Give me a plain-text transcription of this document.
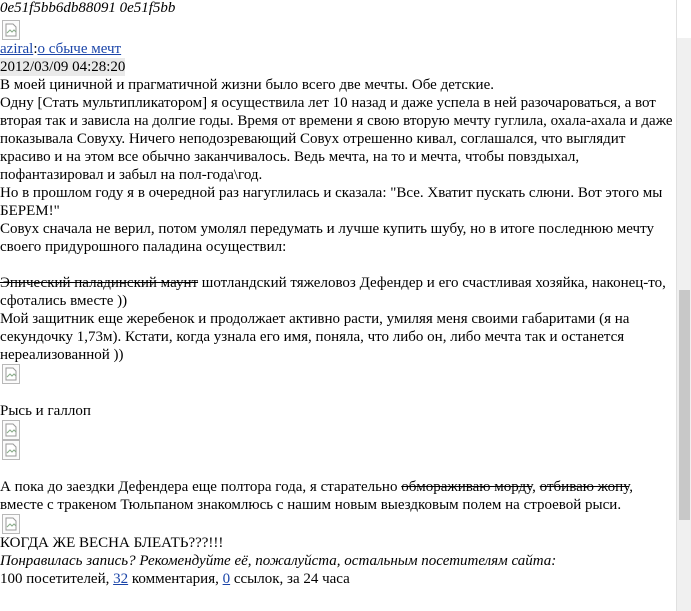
0e51f5bb6db88091 0e51f5bb
aziral:о сбыче мечт
2012/03/09 04:28:20
В моей циничной и прагматичной жизни было всего две мечты. Обе детские.
Одну [Стать мультипликатором] я осуществила лет 10 назад и даже успела в ней разочароваться, а вот вторая так и зависла на долгие годы. Время от времени я свою вторую мечту гуглила, охала-ахала и даже показывала Совуху. Ничего неподозревающий Совух отрешенно кивал, соглашался, что выглядит красиво и на этом все обычно заканчивалось. Ведь мечта, на то и мечта, чтобы повздыхал, пофантазировал и забыл на пол-года\год.
Но в прошлом году я в очередной раз нагуглилась и сказала: "Все. Хватит пускать слюни. Вот этого мы БЕРЕМ!"
Совух сначала не верил, потом умолял передумать и лучше купить шубу, но в итоге последнюю мечту своего придурошного паладина осуществил:
Эпический паладинский маунт шотландский тяжеловоз Дефендер и его счастливая хозяйка, наконец-то, сфотались вместе ))
Мой защитник еще жеребенок и продолжает активно расти, умиляя меня своими габаритами (я на секундочку 1,73м). Кстати, когда узнала его имя, поняла, что либо он, либо мечта так и останется нереализованной ))
Рысь и галлоп
А пока до заездки Дефендера еще полтора года, я старательно обмораживаю морду, отбиваю жопу, вместе с тракеном Тюльпаном знакомлюсь с нашим новым выездковым полем на строевой рыси.
КОГДА ЖЕ ВЕСНА БЛЕАТЬ???!!!
Понравилась запись? Рекомендуйте её, пожалуйста, остальным посетителям сайта:
100 посетителей, 32 комментария, 0 ссылок, за 24 часа
